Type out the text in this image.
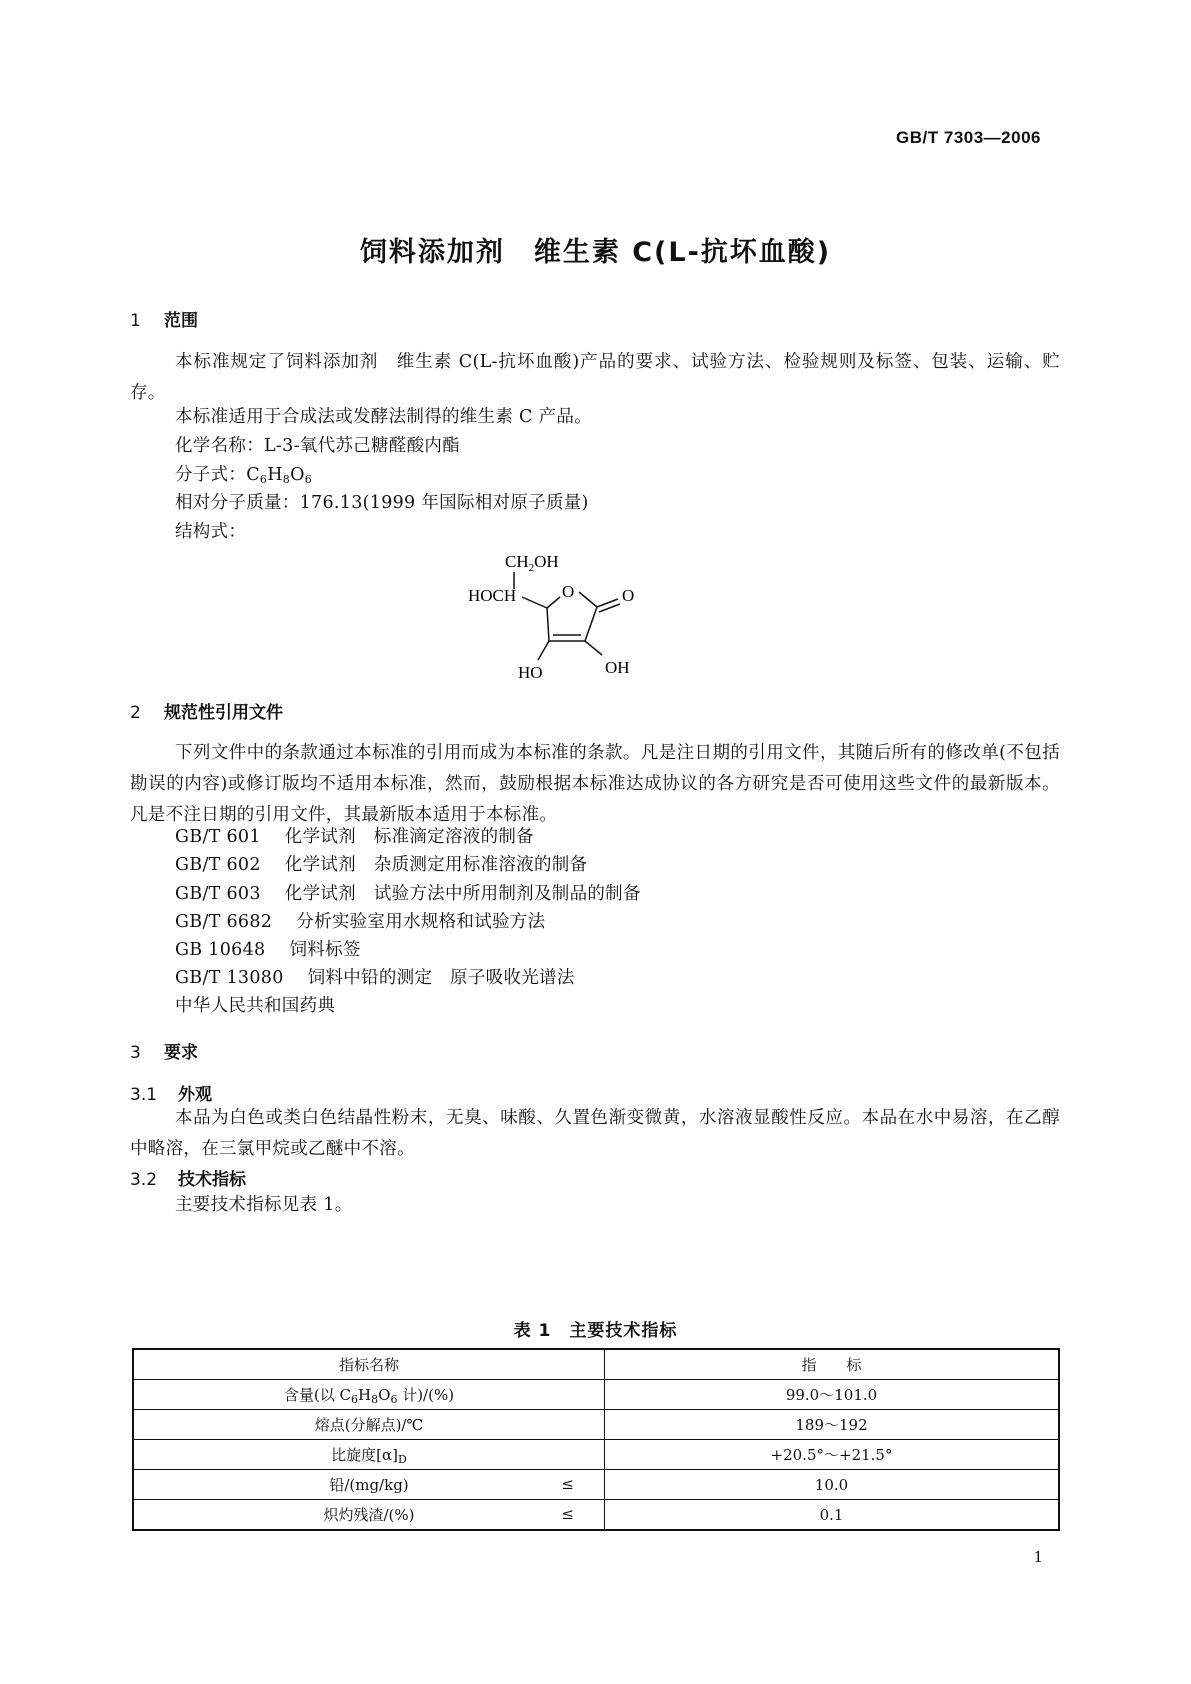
GB/T 7303—2006
饲料添加剂　维生素 C(L-抗坏血酸)
1 范围
本标准规定了饲料添加剂　维生素 C(L-抗坏血酸)产品的要求、试验方法、检验规则及标签、包装、运输、贮存。
本标准适用于合成法或发酵法制得的维生素 C 产品。
化学名称：L-3-氧代苏己糖醛酸内酯
分子式：$C_6H_8O_6$
相对分子质量：176.13(1999 年国际相对原子质量)
结构式：
$CH_2OH$
HOCH	O	O
HO	OH
2 规范性引用文件
下列文件中的条款通过本标准的引用而成为本标准的条款。凡是注日期的引用文件，其随后所有的修改单(不包括勘误的内容)或修订版均不适用本标准，然而，鼓励根据本标准达成协议的各方研究是否可使用这些文件的最新版本。凡是不注日期的引用文件，其最新版本适用于本标准。
GB/T 601 化学试剂　标准滴定溶液的制备
GB/T 602 化学试剂　杂质测定用标准溶液的制备
GB/T 603 化学试剂　试验方法中所用制剂及制品的制备
GB/T 6682 分析实验室用水规格和试验方法
GB 10648 饲料标签
GB/T 13080 饲料中铅的测定　原子吸收光谱法
中华人民共和国药典
3 要求
3.1 外观
本品为白色或类白色结晶性粉末，无臭、味酸、久置色渐变微黄，水溶液显酸性反应。本品在水中易溶，在乙醇中略溶，在三氯甲烷或乙醚中不溶。
3.2 技术指标
主要技术指标见表 1。
表 1　主要技术指标
指标名称	指　　标
含量(以 $C_6H_8O_6$ 计)/(%)	99.0～101.0
熔点(分解点)/℃	189～192
比旋度$[\alpha]_D$	+20.5°～+21.5°
铅/(mg/kg) ≤	10.0
炽灼残渣/(%) ≤	0.1
1
